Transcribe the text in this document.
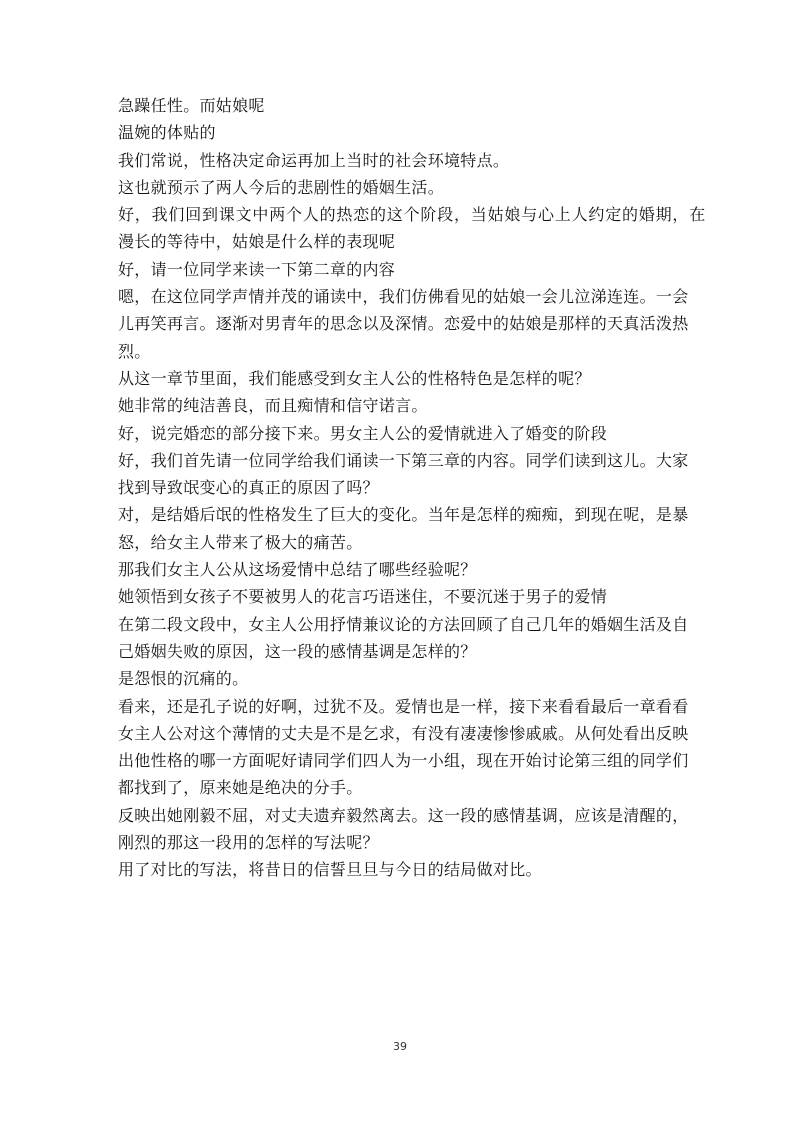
急躁任性。而姑娘呢
温婉的体贴的
我们常说，性格决定命运再加上当时的社会环境特点。
这也就预示了两人今后的悲剧性的婚姻生活。
好，我们回到课文中两个人的热恋的这个阶段，当姑娘与心上人约定的婚期，在
漫长的等待中，姑娘是什么样的表现呢
好，请一位同学来读一下第二章的内容
嗯，在这位同学声情并茂的诵读中，我们仿佛看见的姑娘一会儿泣涕连连。一会
儿再笑再言。逐渐对男青年的思念以及深情。恋爱中的姑娘是那样的天真活泼热
烈。
从这一章节里面，我们能感受到女主人公的性格特色是怎样的呢？
她非常的纯洁善良，而且痴情和信守诺言。
好，说完婚恋的部分接下来。男女主人公的爱情就进入了婚变的阶段
好，我们首先请一位同学给我们诵读一下第三章的内容。同学们读到这儿。大家
找到导致氓变心的真正的原因了吗？
对，是结婚后氓的性格发生了巨大的变化。当年是怎样的痴痴，到现在呢，是暴
怒，给女主人带来了极大的痛苦。
那我们女主人公从这场爱情中总结了哪些经验呢？
她领悟到女孩子不要被男人的花言巧语迷住，不要沉迷于男子的爱情
在第二段文段中，女主人公用抒情兼议论的方法回顾了自己几年的婚姻生活及自
己婚姻失败的原因，这一段的感情基调是怎样的？
是怨恨的沉痛的。
看来，还是孔子说的好啊，过犹不及。爱情也是一样，接下来看看最后一章看看
女主人公对这个薄情的丈夫是不是乞求，有没有凄凄惨惨戚戚。从何处看出反映
出他性格的哪一方面呢好请同学们四人为一小组，现在开始讨论第三组的同学们
都找到了，原来她是绝决的分手。
反映出她刚毅不屈，对丈夫遗弃毅然离去。这一段的感情基调，应该是清醒的，
刚烈的那这一段用的怎样的写法呢？
用了对比的写法，将昔日的信誓旦旦与今日的结局做对比。
39
